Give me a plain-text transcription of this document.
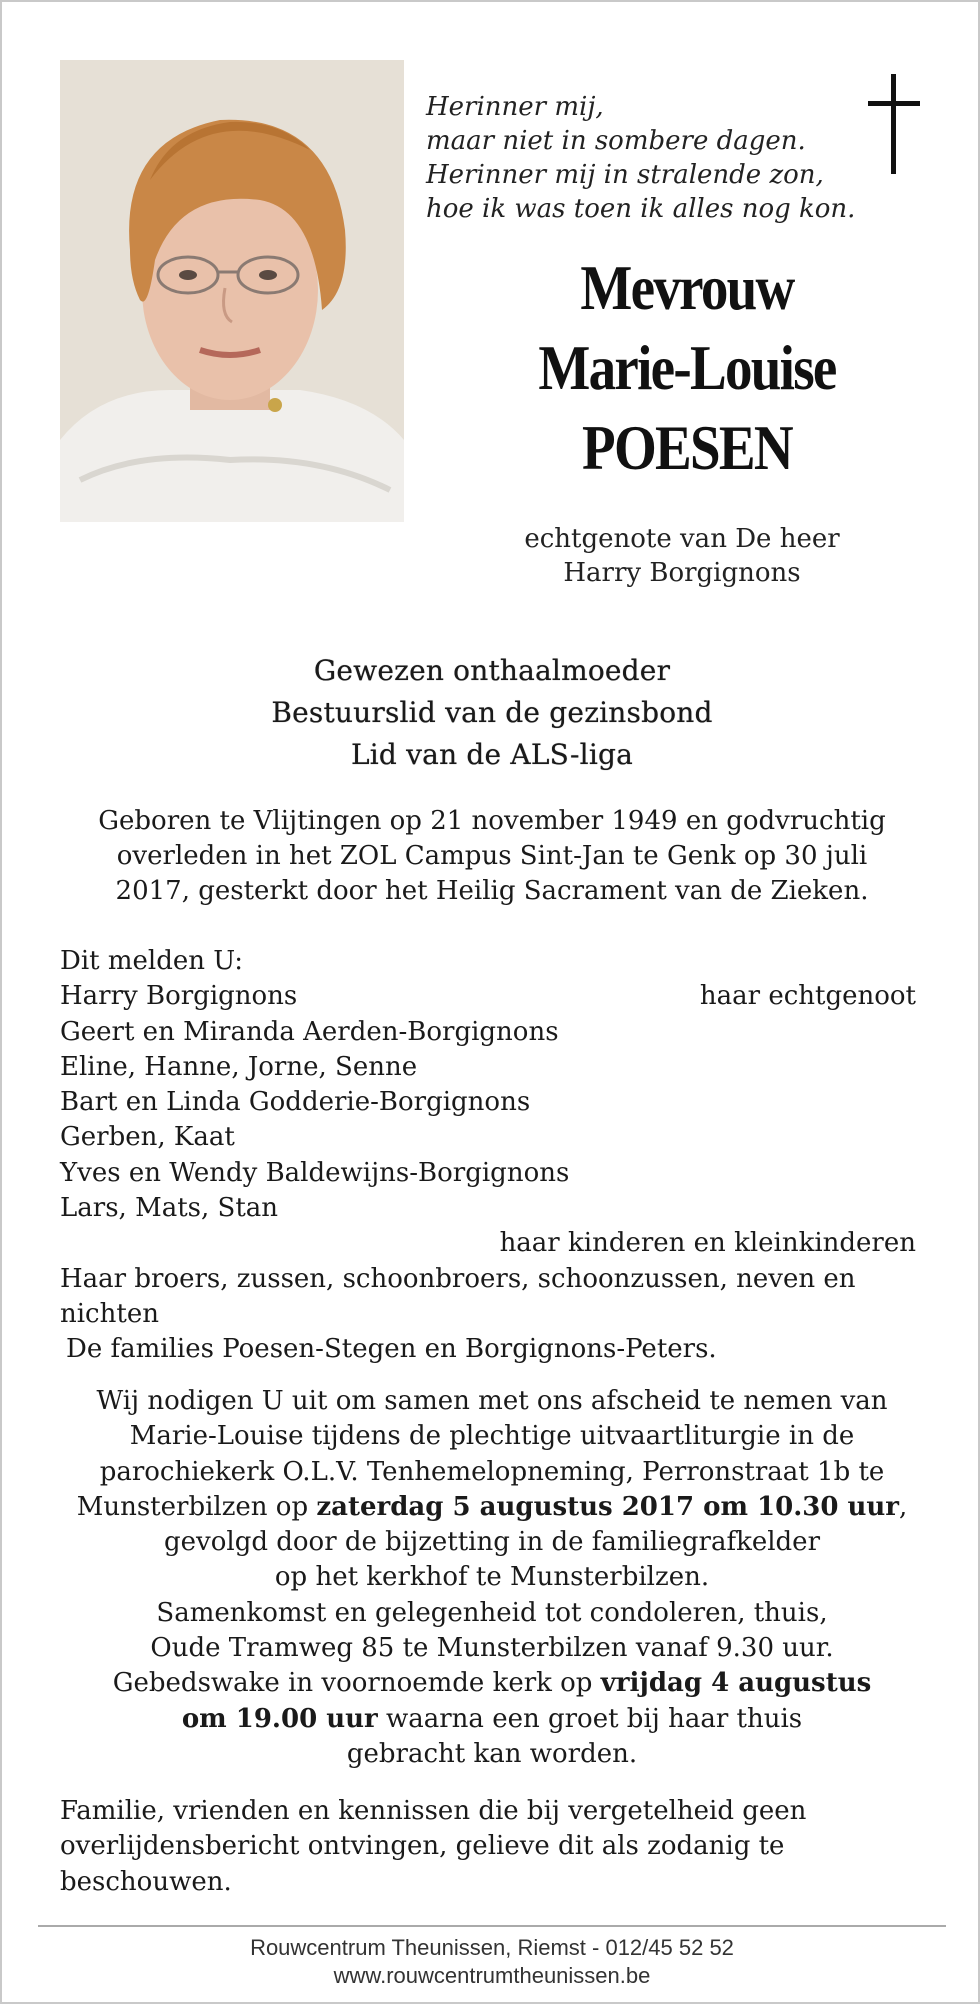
Herinner mij,
maar niet in sombere dagen.
Herinner mij in stralende zon,
hoe ik was toen ik alles nog kon.
Mevrouw
Marie-Louise
POESEN
echtgenote van De heer
Harry Borgignons
Gewezen onthaalmoeder
Bestuurslid van de gezinsbond
Lid van de ALS-liga
Geboren te Vlijtingen op 21 november 1949 en godvruchtig
overleden in het ZOL Campus Sint-Jan te Genk op 30 juli
2017, gesterkt door het Heilig Sacrament van de Zieken.
Dit melden U:
Harry Borgignons	haar echtgenoot
Geert en Miranda Aerden-Borgignons
Eline, Hanne, Jorne, Senne
Bart en Linda Godderie-Borgignons
Gerben, Kaat
Yves en Wendy Baldewijns-Borgignons
Lars, Mats, Stan
haar kinderen en kleinkinderen
Haar broers, zussen, schoonbroers, schoonzussen, neven en
nichten
De families Poesen-Stegen en Borgignons-Peters.
Wij nodigen U uit om samen met ons afscheid te nemen van
Marie-Louise tijdens de plechtige uitvaartliturgie in de
parochiekerk O.L.V. Tenhemelopneming, Perronstraat 1b te
Munsterbilzen op zaterdag 5 augustus 2017 om 10.30 uur,
gevolgd door de bijzetting in de familiegrafkelder
op het kerkhof te Munsterbilzen.
Samenkomst en gelegenheid tot condoleren, thuis,
Oude Tramweg 85 te Munsterbilzen vanaf 9.30 uur.
Gebedswake in voornoemde kerk op vrijdag 4 augustus
om 19.00 uur waarna een groet bij haar thuis
gebracht kan worden.
Familie, vrienden en kennissen die bij vergetelheid geen
overlijdensbericht ontvingen, gelieve dit als zodanig te
beschouwen.
Rouwcentrum Theunissen, Riemst - 012/45 52 52
www.rouwcentrumtheunissen.be
